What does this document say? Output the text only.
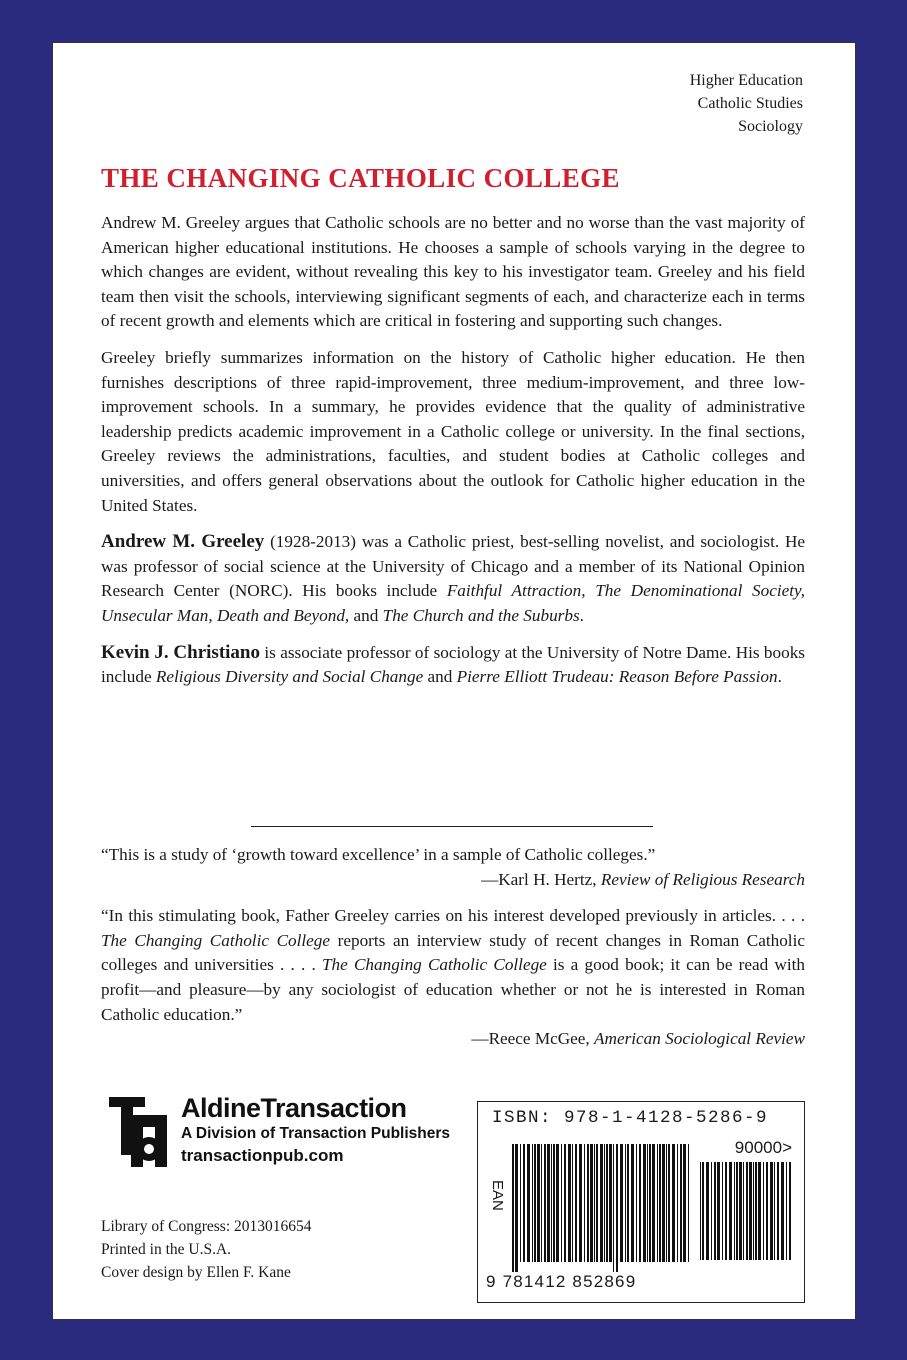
Higher Education
Catholic Studies
Sociology
THE CHANGING CATHOLIC COLLEGE

Andrew M. Greeley argues that Catholic schools are no better and no worse than the vast majority of American higher educational institutions. He chooses a sample of schools varying in the degree to which changes are evident, without revealing this key to his investigator team. Greeley and his field team then visit the schools, interviewing significant segments of each, and characterize each in terms of recent growth and elements which are critical in fostering and supporting such changes.

Greeley briefly summarizes information on the history of Catholic higher education. He then furnishes descriptions of three rapid-improvement, three medium-improvement, and three low-improvement schools. In a summary, he provides evidence that the quality of administrative leadership predicts academic improvement in a Catholic college or university. In the final sections, Greeley reviews the administrations, faculties, and student bodies at Catholic colleges and universities, and offers general observations about the outlook for Catholic higher education in the United States.

Andrew M. Greeley (1928-2013) was a Catholic priest, best-selling novelist, and sociologist. He was professor of social science at the University of Chicago and a member of its National Opinion Research Center (NORC). His books include Faithful Attraction, The Denominational Society, Unsecular Man, Death and Beyond, and The Church and the Suburbs.

Kevin J. Christiano is associate professor of sociology at the University of Notre Dame. His books include Religious Diversity and Social Change and Pierre Elliott Trudeau: Reason Before Passion.

“This is a study of ‘growth toward excellence’ in a sample of Catholic colleges.”

—Karl H. Hertz, Review of Religious Research

“In this stimulating book, Father Greeley carries on his interest developed previously in articles. . . . The Changing Catholic College reports an interview study of recent changes in Roman Catholic colleges and universities . . . . The Changing Catholic College is a good book; it can be read with profit—and pleasure—by any sociologist of education whether or not he is interested in Roman Catholic education.”

—Reece McGee, American Sociological Review

AldineTransaction
A Division of Transaction Publishers
transactionpub.com
Library of Congress: 2013016654
Printed in the U.S.A.
Cover design by Ellen F. Kane
ISBN: 978-1-4128-5286-9
90000>
EAN
9 781412 852869
